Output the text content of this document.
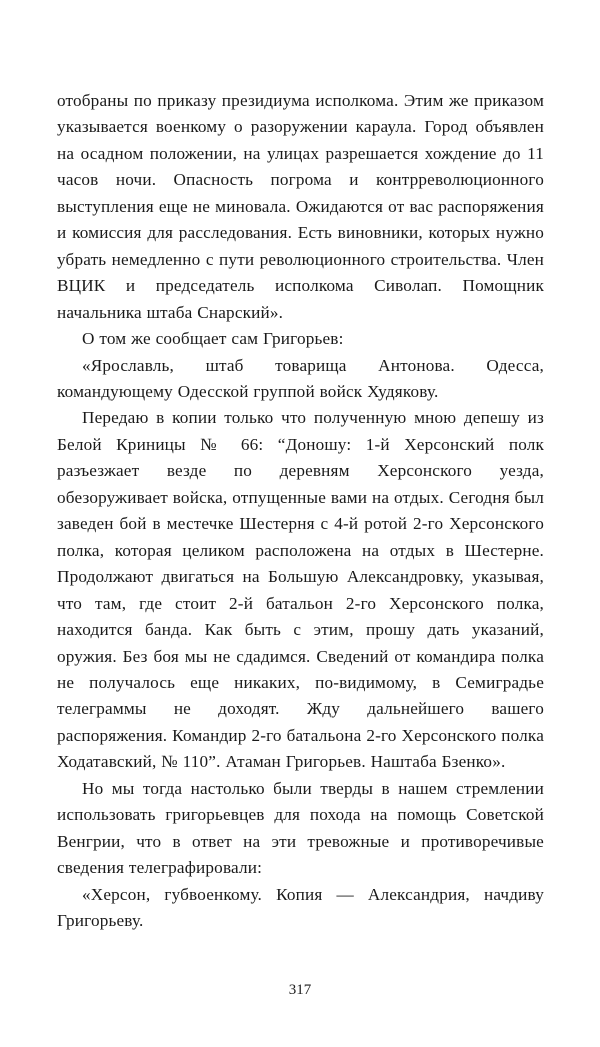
отобраны по приказу президиума исполкома. Этим же приказом указывается военкому о разоружении караула. Город объявлен на осадном положении, на улицах разрешается хождение до 11 часов ночи. Опасность погрома и контрреволюционного выступления еще не миновала. Ожидаются от вас распоряжения и комиссия для расследования. Есть виновники, которых нужно убрать немедленно с пути революционного строительства. Член ВЦИК и председатель исполкома Сиволап. Помощник начальника штаба Снарский».

О том же сообщает сам Григорьев:

«Ярославль, штаб товарища Антонова. Одесса, командующему Одесской группой войск Худякову.

Передаю в копии только что полученную мною депешу из Белой Криницы № 66: “Доношу: 1-й Херсонский полк разъезжает везде по деревням Херсонского уезда, обезоруживает войска, отпущенные вами на отдых. Сегодня был заведен бой в местечке Шестерня с 4-й ротой 2-го Херсонского полка, которая целиком расположена на отдых в Шестерне. Продолжают двигаться на Большую Александровку, указывая, что там, где стоит 2-й батальон 2-го Херсонского полка, находится банда. Как быть с этим, прошу дать указаний, оружия. Без боя мы не сдадимся. Сведений от командира полка не получалось еще никаких, по-видимому, в Семиградье телеграммы не доходят. Жду дальнейшего вашего распоряжения. Командир 2-го батальона 2-го Херсонского полка Ходатавский, № 110”. Атаман Григорьев. Наштаба Бзенко».

Но мы тогда настолько были тверды в нашем стремлении использовать григорьевцев для похода на помощь Советской Венгрии, что в ответ на эти тревожные и противоречивые сведения телеграфировали:

«Херсон, губвоенкому. Копия — Александрия, начдиву Григорьеву.

317
